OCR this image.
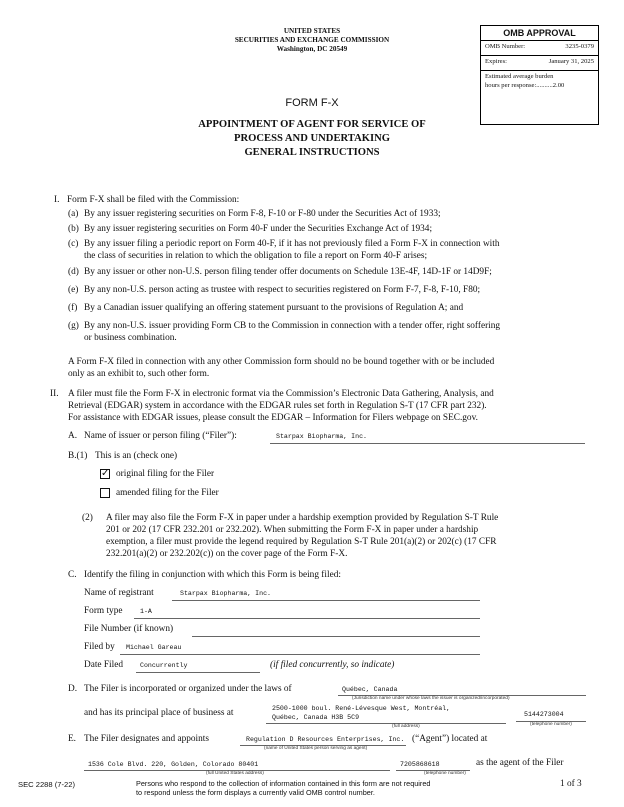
UNITED STATES
SECURITIES AND EXCHANGE COMMISSION
Washington, DC 20549
OMB APPROVAL
OMB Number:	3235-0379
Expires:	January 31, 2025
Estimated average burden
hours per response:..........2.00
FORM F-X
APPOINTMENT OF AGENT FOR SERVICE OF
PROCESS AND UNDERTAKING
GENERAL INSTRUCTIONS
I. Form F-X shall be filed with the Commission:
(a) By any issuer registering securities on Form F-8, F-10 or F-80 under the Securities Act of 1933;
(b) By any issuer registering securities on Form 40-F under the Securities Exchange Act of 1934;
(c) By any issuer filing a periodic report on Form 40-F, if it has not previously filed a Form F-X in connection with
the class of securities in relation to which the obligation to file a report on Form 40-F arises;
(d) By any issuer or other non-U.S. person filing tender offer documents on Schedule 13E-4F, 14D-1F or 14D9F;
(e) By any non-U.S. person acting as trustee with respect to securities registered on Form F-7, F-8, F-10, F80;
(f) By a Canadian issuer qualifying an offering statement pursuant to the provisions of Regulation A; and
(g) By any non-U.S. issuer providing Form CB to the Commission in connection with a tender offer, right soffering
or business combination.
A Form F-X filed in connection with any other Commission form should no be bound together with or be included
only as an exhibit to, such other form.
II. A filer must file the Form F-X in electronic format via the Commission’s Electronic Data Gathering, Analysis, and
Retrieval (EDGAR) system in accordance with the EDGAR rules set forth in Regulation S-T (17 CFR part 232).
For assistance with EDGAR issues, please consult the EDGAR – Information for Filers webpage on SEC.gov.
A. Name of issuer or person filing (“Filer”):	Starpax Biopharma, Inc.
B.(1) This is an (check one)
✓ original filing for the Filer
amended filing for the Filer
(2) A filer may also file the Form F-X in paper under a hardship exemption provided by Regulation S-T Rule
201 or 202 (17 CFR 232.201 or 232.202). When submitting the Form F-X in paper under a hardship
exemption, a filer must provide the legend required by Regulation S-T Rule 201(a)(2) or 202(c) (17 CFR
232.201(a)(2) or 232.202(c)) on the cover page of the Form F-X.
C. Identify the filing in conjunction with which this Form is being filed:
Name of registrant	Starpax Biopharma, Inc.
Form type	1-A
File Number (if known)
Filed by Michael Gareau
Date Filed	Concurrently	(if filed concurrently, so indicate)
D. The Filer is incorporated or organized under the laws of	Québec, Canada
(Jurisdiction name under whose laws the issuer is organized/incorporated)
and has its principal place of business at	2500-1000 boul. René-Lévesque West, Montréal,
Québec, Canada H3B 5C9
(full address)
5144273004
(telephone number)
E. The Filer designates and appoints	Regulation D Resources Enterprises, Inc.
(name of United States person serving as agent)
(“Agent”) located at
1536 Cole Blvd. 220, Golden, Colorado 80401
(full United States address)
7205868618
(telephone number)
as the agent of the Filer
SEC 2288 (7-22)	Persons who respond to the collection of information contained in this form are not required
to respond unless the form displays a currently valid OMB control number.
1 of 3
